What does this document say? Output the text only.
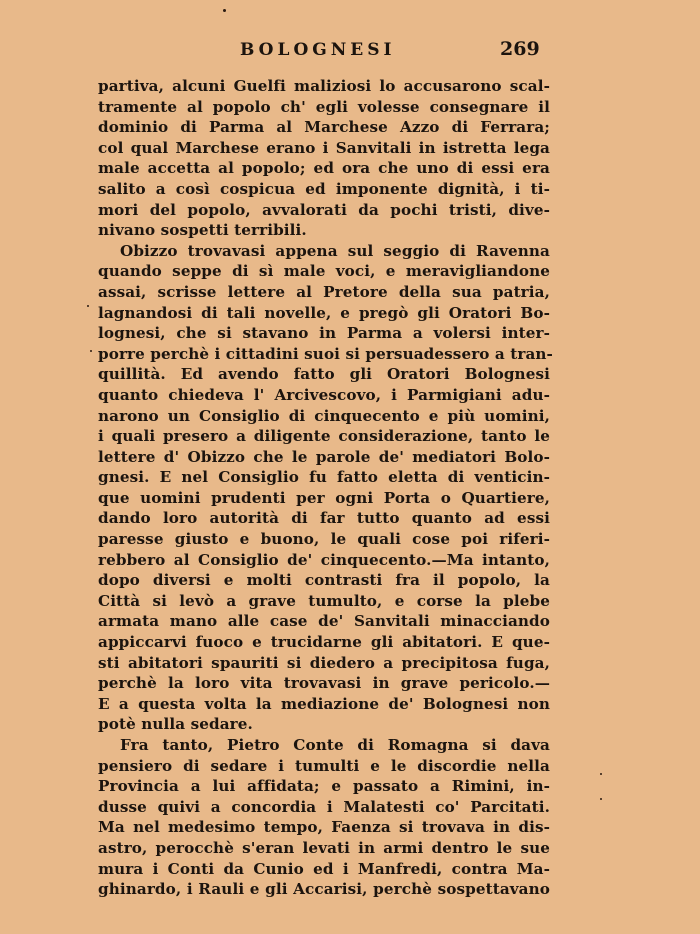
BOLOGNESI	269
partiva, alcuni Guelfi maliziosi lo accusarono scal-
tramente al popolo ch' egli volesse consegnare il
dominio di Parma al Marchese Azzo di Ferrara;
col qual Marchese erano i Sanvitali in istretta lega
male accetta al popolo; ed ora che uno di essi era
salito a così cospicua ed imponente dignità, i ti-
mori del popolo, avvalorati da pochi tristi, dive-
nivano sospetti terribili.
Obizzo trovavasi appena sul seggio di Ravenna
quando seppe di sì male voci, e meravigliandone
assai, scrisse lettere al Pretore della sua patria,
lagnandosi di tali novelle, e pregò gli Oratori Bo-
lognesi, che si stavano in Parma a volersi inter-
porre perchè i cittadini suoi si persuadessero a tran-
quillità. Ed avendo fatto gli Oratori Bolognesi
quanto chiedeva l' Arcivescovo, i Parmigiani adu-
narono un Consiglio di cinquecento e più uomini,
i quali presero a diligente considerazione, tanto le
lettere d' Obizzo che le parole de' mediatori Bolo-
gnesi. E nel Consiglio fu fatto eletta di venticin-
que uomini prudenti per ogni Porta o Quartiere,
dando loro autorità di far tutto quanto ad essi
paresse giusto e buono, le quali cose poi riferi-
rebbero al Consiglio de' cinquecento.—Ma intanto,
dopo diversi e molti contrasti fra il popolo, la
Città si levò a grave tumulto, e corse la plebe
armata mano alle case de' Sanvitali minacciando
appiccarvi fuoco e trucidarne gli abitatori. E que-
sti abitatori spauriti si diedero a precipitosa fuga,
perchè la loro vita trovavasi in grave pericolo.—
E a questa volta la mediazione de' Bolognesi non
potè nulla sedare.
Fra tanto, Pietro Conte di Romagna si dava
pensiero di sedare i tumulti e le discordie nella
Provincia a lui affidata; e passato a Rimini, in-
dusse quivi a concordia i Malatesti co' Parcitati.
Ma nel medesimo tempo, Faenza si trovava in dis-
astro, perocchè s'eran levati in armi dentro le sue
mura i Conti da Cunio ed i Manfredi, contra Ma-
ghinardo, i Rauli e gli Accarisi, perchè sospettavano
